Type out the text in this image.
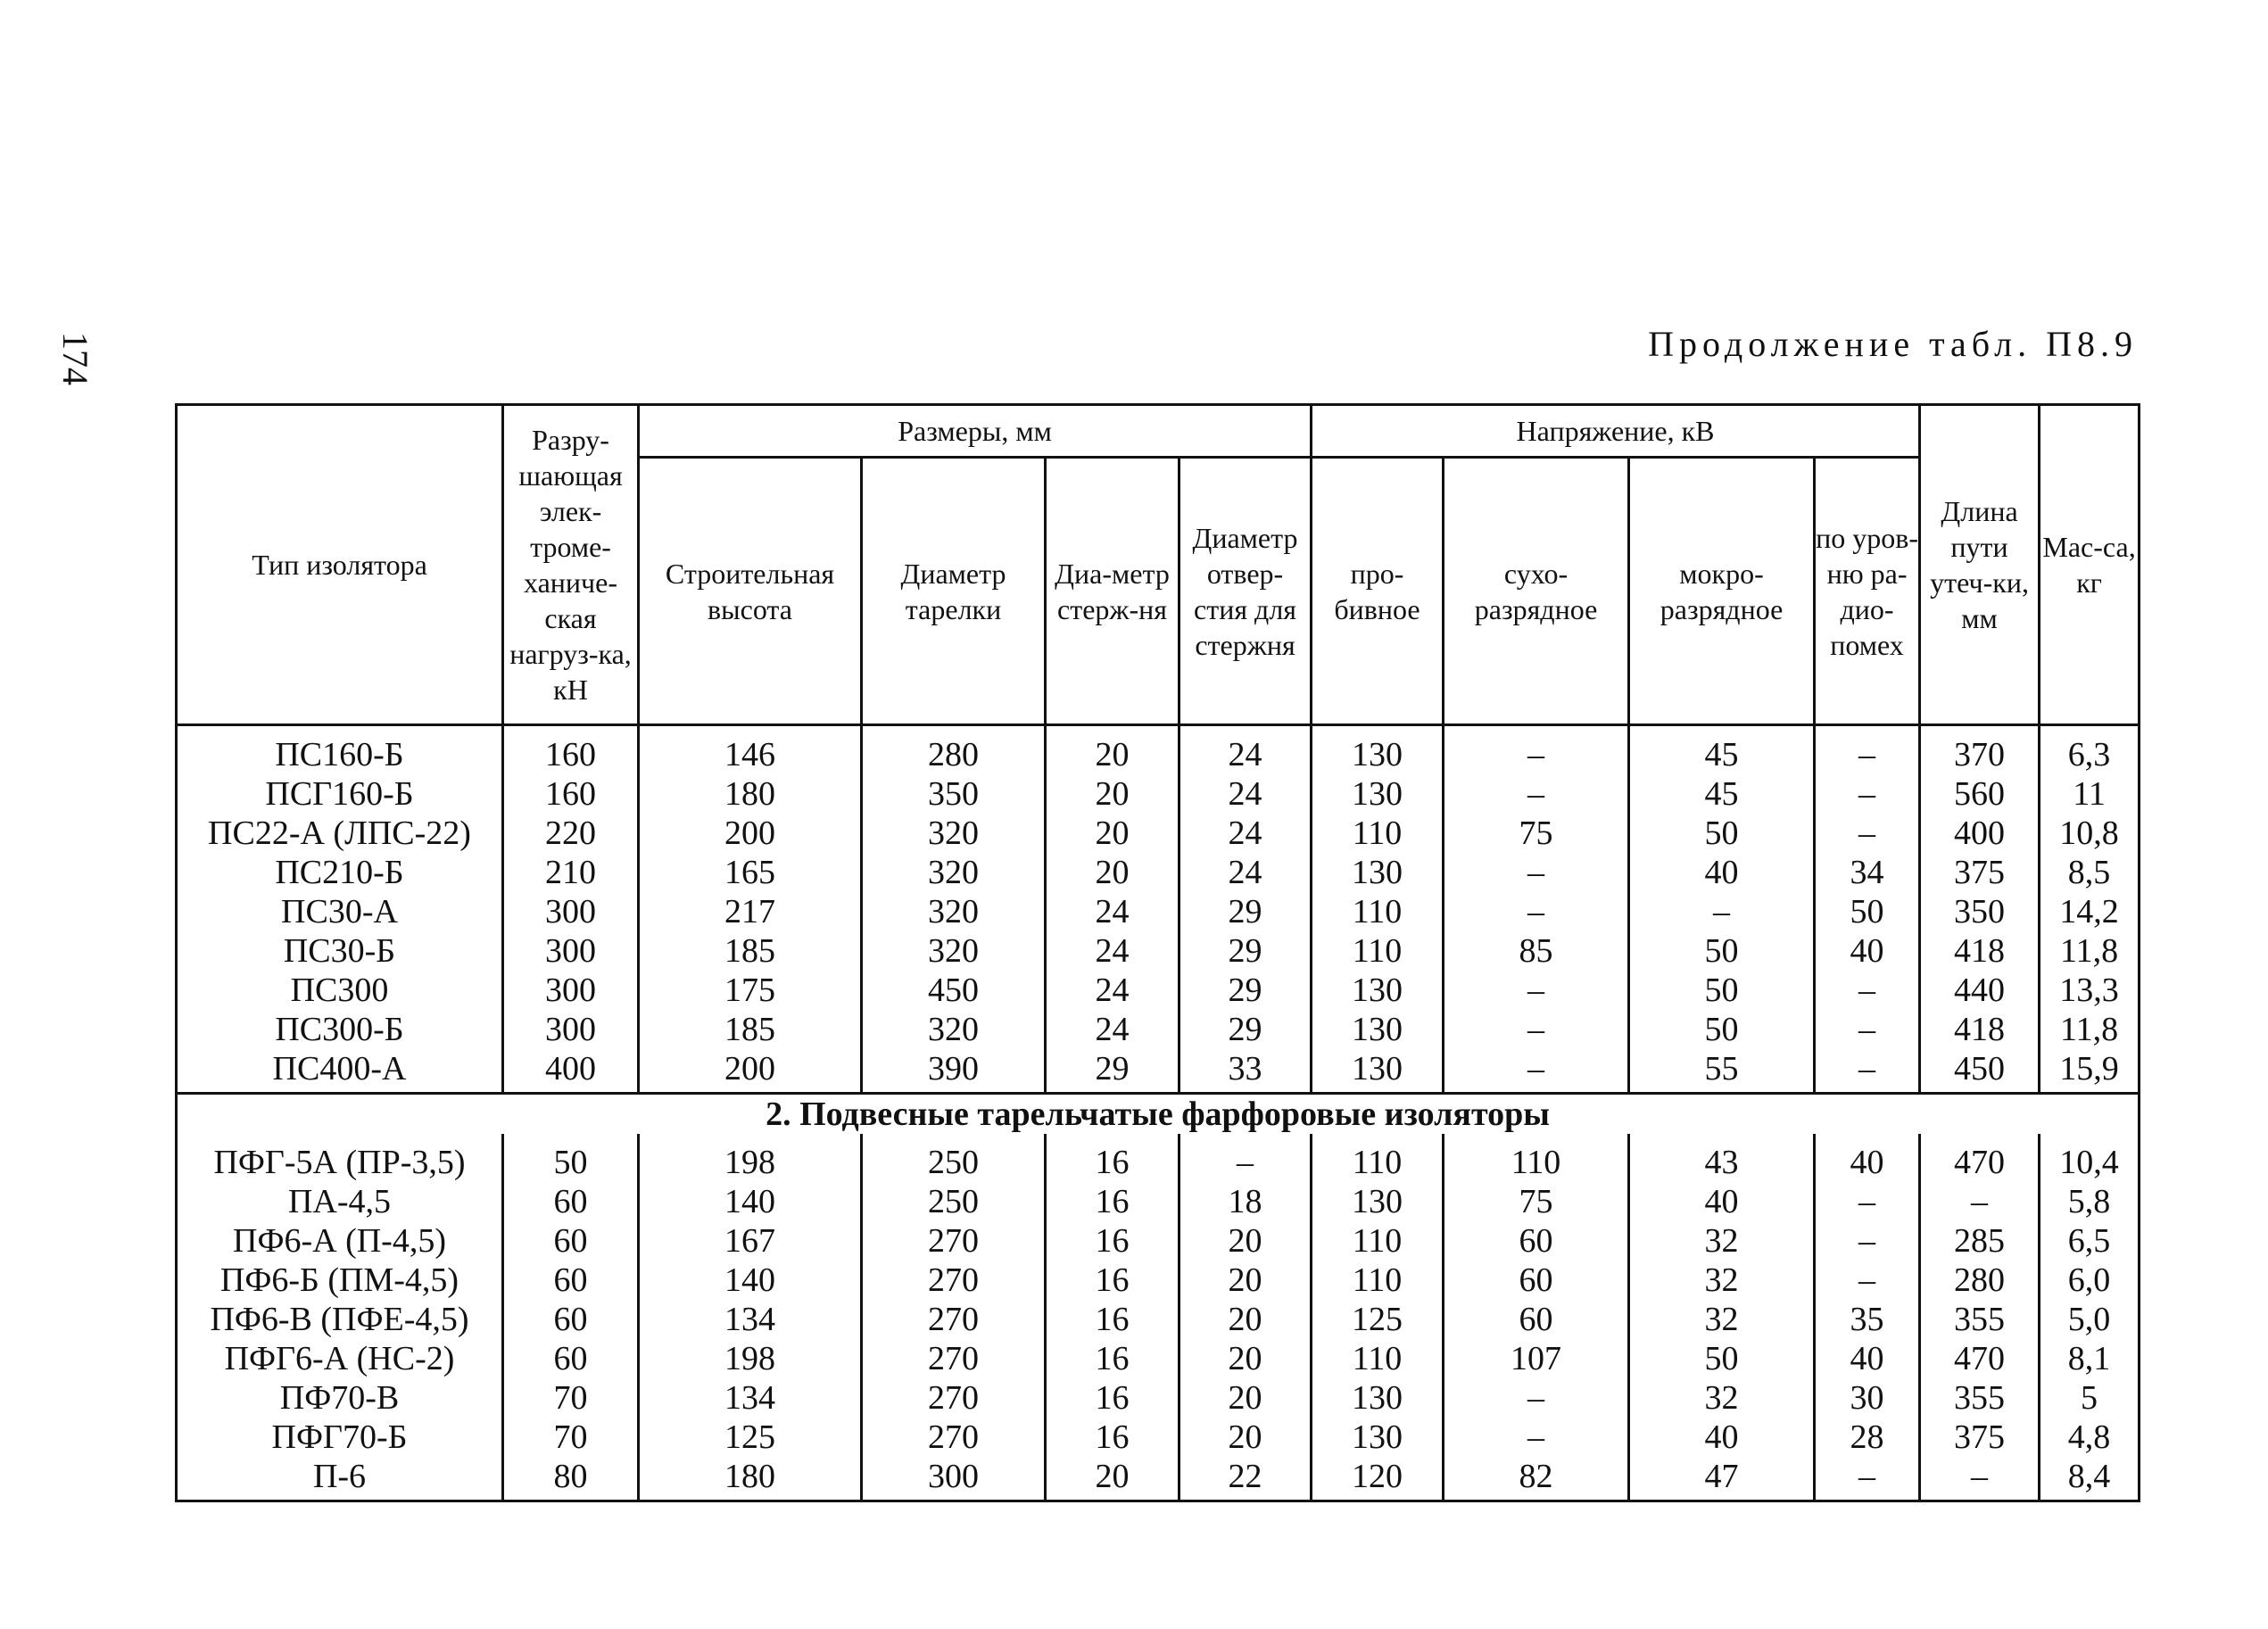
174	Продолжение табл. П8.9
Тип изолятора	Разру-шающая элек-троме-ханиче-ская нагруз-ка, кН	Размеры, мм				Напряжение, кВ				Длина пути утеч-ки, мм	Мас-са, кг
		Строительная высота	Диаметр тарелки	Диа-метр стерж-ня	Диаметр отвер-стия для стержня	про-бивное	сухо-разрядное	мокро-разрядное	по уров-ню ра-дио-помех		
ПС160-Б	160	146	280	20	24	130	–	45	–	370	6,3
ПСГ160-Б	160	180	350	20	24	130	–	45	–	560	11
ПС22-А (ЛПС-22)	220	200	320	20	24	110	75	50	–	400	10,8
ПС210-Б	210	165	320	20	24	130	–	40	34	375	8,5
ПС30-А	300	217	320	24	29	110	–	–	50	350	14,2
ПС30-Б	300	185	320	24	29	110	85	50	40	418	11,8
ПС300	300	175	450	24	29	130	–	50	–	440	13,3
ПС300-Б	300	185	320	24	29	130	–	50	–	418	11,8
ПС400-А	400	200	390	29	33	130	–	55	–	450	15,9
2. Подвесные тарельчатые фарфоровые изоляторы											
ПФГ-5А (ПР-3,5)	50	198	250	16	–	110	110	43	40	470	10,4
ПА-4,5	60	140	250	16	18	130	75	40	–	–	5,8
ПФ6-А (П-4,5)	60	167	270	16	20	110	60	32	–	285	6,5
ПФ6-Б (ПМ-4,5)	60	140	270	16	20	110	60	32	–	280	6,0
ПФ6-В (ПФЕ-4,5)	60	134	270	16	20	125	60	32	35	355	5,0
ПФГ6-А (НС-2)	60	198	270	16	20	110	107	50	40	470	8,1
ПФ70-В	70	134	270	16	20	130	–	32	30	355	5
ПФГ70-Б	70	125	270	16	20	130	–	40	28	375	4,8
П-6	80	180	300	20	22	120	82	47	–	–	8,4
